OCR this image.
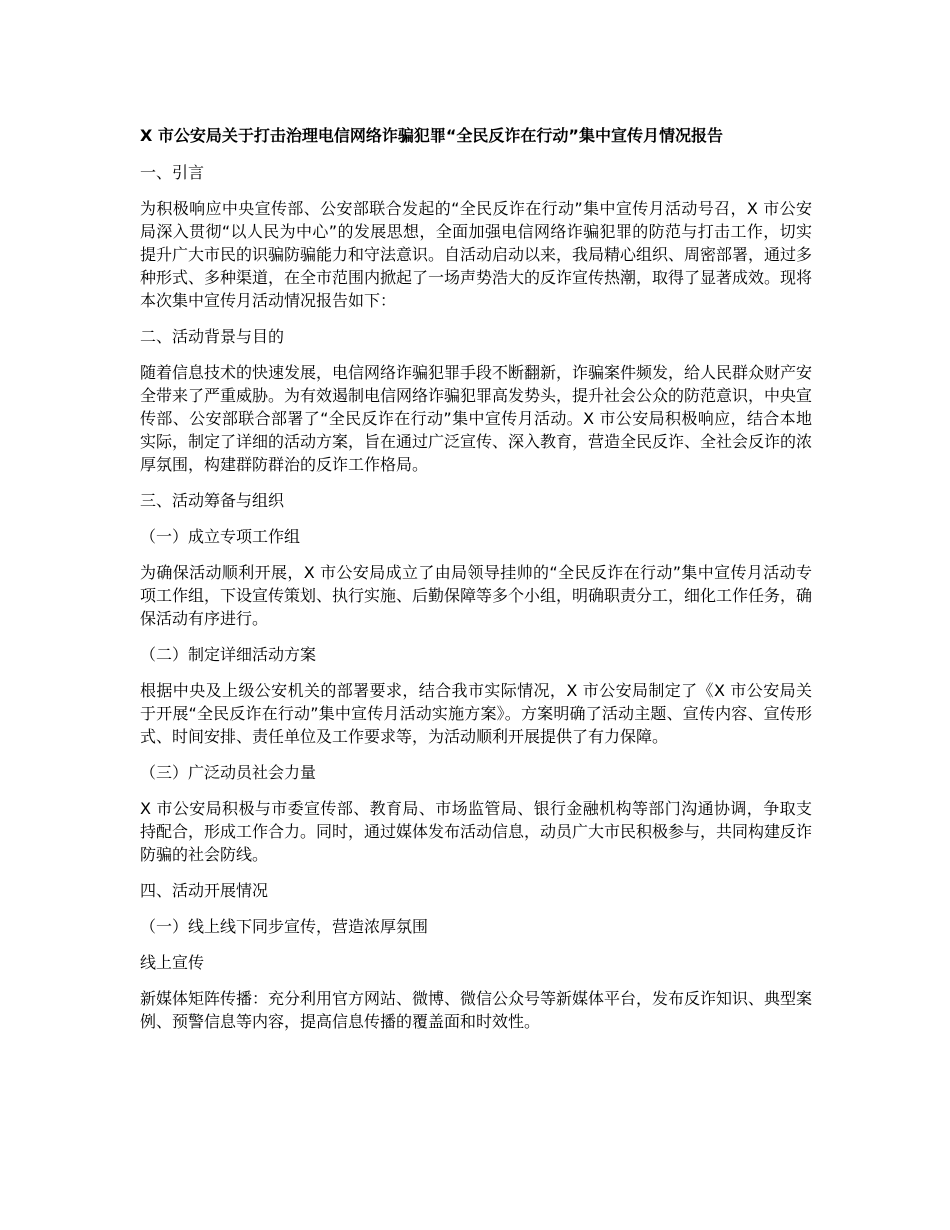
X 市公安局关于打击治理电信网络诈骗犯罪“全民反诈在行动”集中宣传月情况报告
一、引言
为积极响应中央宣传部、公安部联合发起的“全民反诈在行动”集中宣传月活动号召，X 市公安局深入贯彻“以人民为中心”的发展思想，全面加强电信网络诈骗犯罪的防范与打击工作，切实提升广大市民的识骗防骗能力和守法意识。自活动启动以来，我局精心组织、周密部署，通过多种形式、多种渠道，在全市范围内掀起了一场声势浩大的反诈宣传热潮，取得了显著成效。现将本次集中宣传月活动情况报告如下：
二、活动背景与目的
随着信息技术的快速发展，电信网络诈骗犯罪手段不断翻新，诈骗案件频发，给人民群众财产安全带来了严重威胁。为有效遏制电信网络诈骗犯罪高发势头，提升社会公众的防范意识，中央宣传部、公安部联合部署了“全民反诈在行动”集中宣传月活动。X 市公安局积极响应，结合本地实际，制定了详细的活动方案，旨在通过广泛宣传、深入教育，营造全民反诈、全社会反诈的浓厚氛围，构建群防群治的反诈工作格局。
三、活动筹备与组织
（一）成立专项工作组
为确保活动顺利开展，X 市公安局成立了由局领导挂帅的“全民反诈在行动”集中宣传月活动专项工作组，下设宣传策划、执行实施、后勤保障等多个小组，明确职责分工，细化工作任务，确保活动有序进行。
（二）制定详细活动方案
根据中央及上级公安机关的部署要求，结合我市实际情况，X 市公安局制定了《X 市公安局关于开展“全民反诈在行动”集中宣传月活动实施方案》。方案明确了活动主题、宣传内容、宣传形式、时间安排、责任单位及工作要求等，为活动顺利开展提供了有力保障。
（三）广泛动员社会力量
X 市公安局积极与市委宣传部、教育局、市场监管局、银行金融机构等部门沟通协调，争取支持配合，形成工作合力。同时，通过媒体发布活动信息，动员广大市民积极参与，共同构建反诈防骗的社会防线。
四、活动开展情况
（一）线上线下同步宣传，营造浓厚氛围
线上宣传
新媒体矩阵传播：充分利用官方网站、微博、微信公众号等新媒体平台，发布反诈知识、典型案例、预警信息等内容，提高信息传播的覆盖面和时效性。
